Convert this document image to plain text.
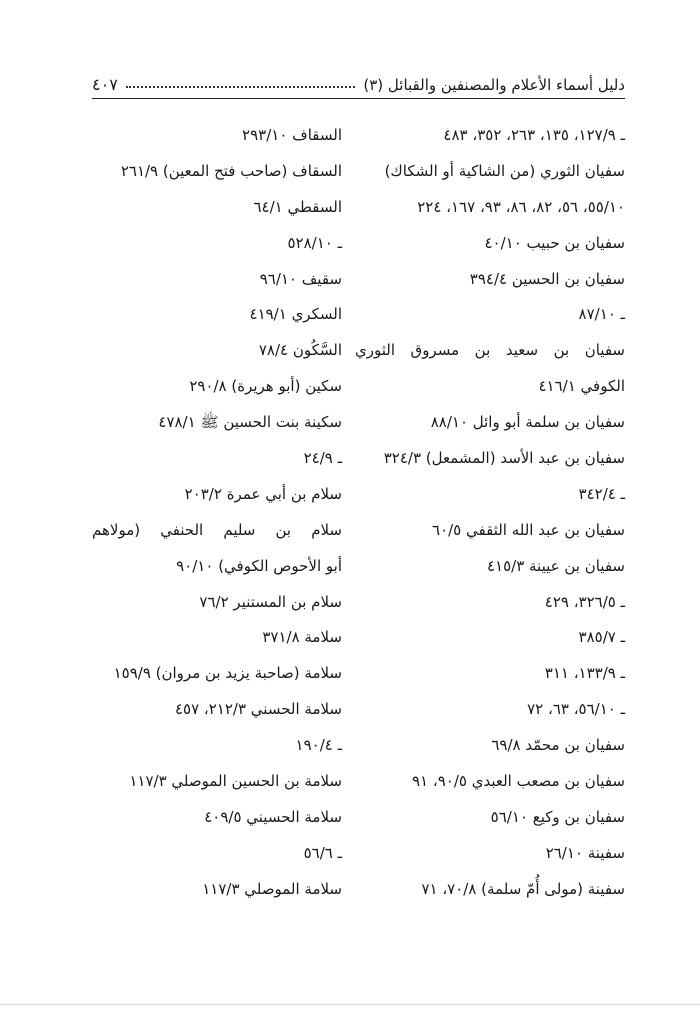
دليل أسماء الأعلام والمصنفين والقبائل (٣)
٤٠٧
ـ ١٢٧/٩، ١٣٥، ٢٦٣، ٣٥٢، ٤٨٣
سفيان الثوري (من الشاكية أو الشكاك)
٥٥/١٠، ٥٦، ٨٢، ٨٦، ٩٣، ١٦٧، ٢٢٤
سفيان بن حبيب ٤٠/١٠
سفيان بن الحسين ٣٩٤/٤
ـ ٨٧/١٠
سفيان بن سعيد بن مسروق الثوري
الكوفي ٤١٦/١
سفيان بن سلمة أبو وائل ٨٨/١٠
سفيان بن عبد الأسد (المشمعل) ٣٢٤/٣
ـ ٣٤٢/٤
سفيان بن عبد الله الثقفي ٦٠/٥
سفيان بن عيينة ٤١٥/٣
ـ ٣٢٦/٥، ٤٢٩
ـ ٣٨٥/٧
ـ ١٣٣/٩، ٣١١
ـ ٥٦/١٠، ٦٣، ٧٢
سفيان بن محمّد ٦٩/٨
سفيان بن مصعب العبدي ٩٠/٥، ٩١
سفيان بن وكيع ٥٦/١٠
سفينة ٢٦/١٠
سفينة (مولى أُمّ سلمة) ٧٠/٨، ٧١
السقاف ٢٩٣/١٠
السقاف (صاحب فتح المعين) ٢٦١/٩
السقطي ٦٤/١
ـ ٥٢٨/١٠
سقيف ٩٦/١٠
السكري ٤١٩/١
السَّكُون ٧٨/٤
سكين (أبو هريرة) ٢٩٠/٨
سكينة بنت الحسين ﷺ ٤٧٨/١
ـ ٢٤/٩
سلام بن أبي عمرة ٢٠٣/٢
سلام بن سليم الحنفي (مولاهم
أبو الأحوص الكوفي) ٩٠/١٠
سلام بن المستنير ٧٦/٢
سلامة ٣٧١/٨
سلامة (صاحبة يزيد بن مروان) ١٥٩/٩
سلامة الحسني ٢١٢/٣، ٤٥٧
ـ ١٩٠/٤
سلامة بن الحسين الموصلي ١١٧/٣
سلامة الحسيني ٤٠٩/٥
ـ ٥٦/٦
سلامة الموصلي ١١٧/٣
